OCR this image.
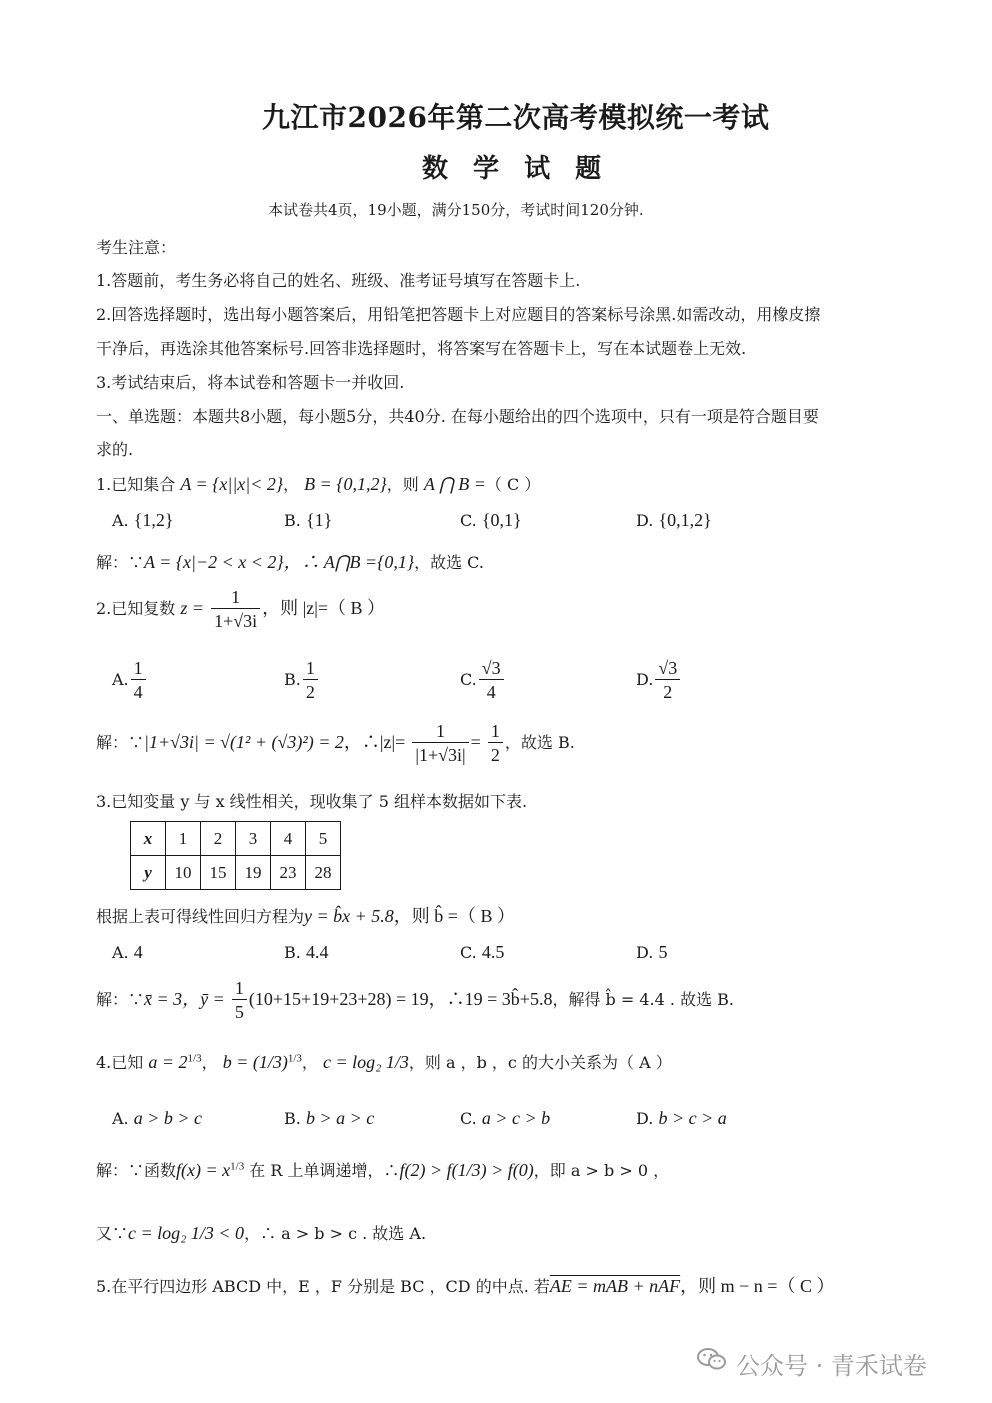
九江市2026年第二次高考模拟统一考试
数 学 试 题
本试卷共4页，19小题，满分150分，考试时间120分钟.
考生注意：
1.答题前，考生务必将自己的姓名、班级、准考证号填写在答题卡上.
2.回答选择题时，选出每小题答案后，用铅笔把答题卡上对应题目的答案标号涂黑.如需改动，用橡皮擦
干净后，再选涂其他答案标号.回答非选择题时，将答案写在答题卡上，写在本试题卷上无效.
3.考试结束后，将本试卷和答题卡一并收回.
一、单选题：本题共8小题，每小题5分，共40分. 在每小题给出的四个选项中，只有一项是符合题目要
求的.
1.已知集合 A = {x||x|< 2}， B = {0,1,2}，则 A ⋂ B =（ C ）
A. {1,2}	B. {1}	C. {0,1}	D. {0,1,2}
解：∵A = {x|−2 < x < 2}，∴ A⋂B ={0,1}，故选 C.
2.已知复数 $z = \frac{1}{1+√3i}$ ，则 |z|=（ B ）
A. $\frac{1}{4}$	B. $\frac{1}{2}$	C. $\frac{√3}{4}$	D. $\frac{√3}{2}$
解：∵|1+√3i| = √(1² + (√3)²) = 2，∴|z|= $\frac{1}{|1+√3i|} = \frac{1}{2}$ ，故选 B.
3.已知变量 y 与 x 线性相关，现收集了 5 组样本数据如下表.
x	1	2	3	4	5
y	10	15	19	23	28
根据上表可得线性回归方程为y = b̂x + 5.8，则 b̂ =（ B ）
A. 4	B. 4.4	C. 4.5	D. 5
解：∵x̄ = 3，ȳ = $\frac{1}{5} (10+15+19+23+28) = 19$，∴19 = 3b̂+5.8，解得 b̂ = 4.4 . 故选 B.
4.已知 $a = 2^{1/3}$， $b = (1/3)^{1/3}$， c = log₂ 1/3，则 a ，b ，c 的大小关系为（ A ）
A. a > b > c	B. b > a > c	C. a > c > b	D. b > c > a
解：∵函数$f(x) = x^{1/3}$ 在 R 上单调递增，∴f(2) > f(1/3) > f(0)，即 a > b > 0 ，
又∵c = log₂ 1/3 < 0，∴ a > b > c . 故选 A.
5.在平行四边形 ABCD 中，E ，F 分别是 BC ，CD 的中点. 若AE = mAB + nAF，则 m − n =（ C ）
公众号 · 青禾试卷
